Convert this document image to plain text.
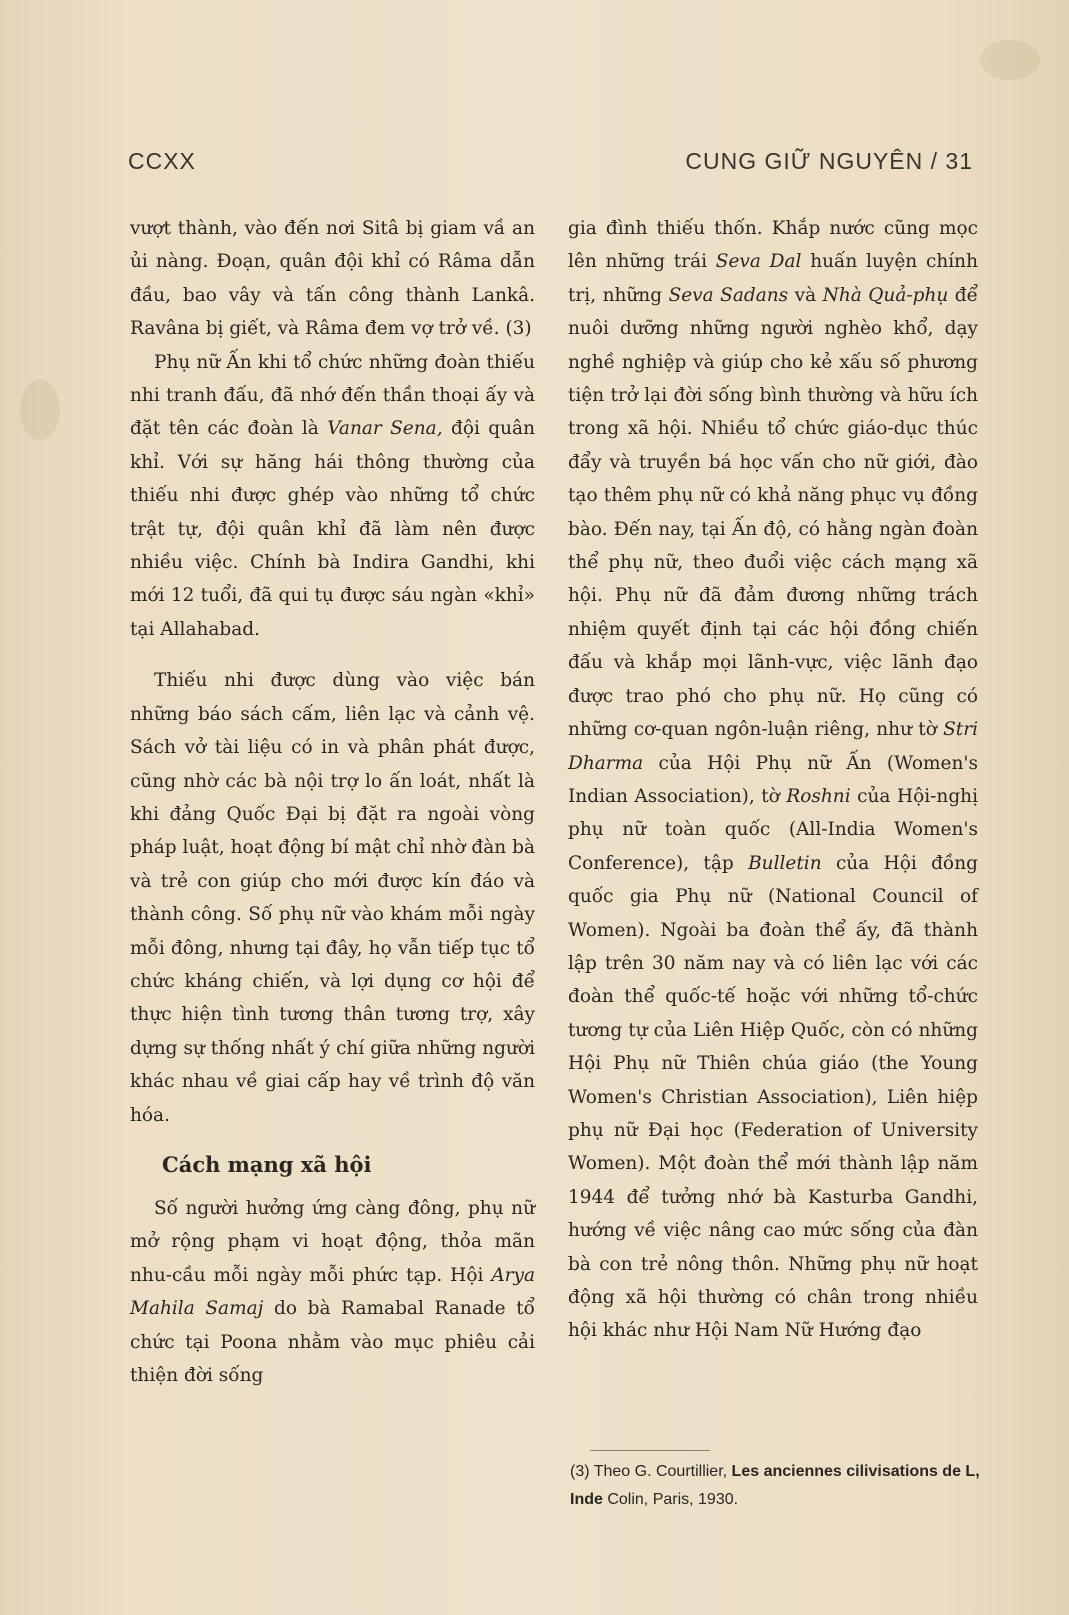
CCXX	CUNG GIỮ NGUYÊN / 31

vượt thành, vào đến nơi Sitâ bị giam vầ an ủi nàng. Đoạn, quân đội khỉ có Râma dẫn đầu, bao vây và tấn công thành Lankâ. Ravâna bị giết, và Râma đem vợ trở về. (3)

Phụ nữ Ấn khi tổ chức những đoàn thiếu nhi tranh đấu, đã nhớ đến thần thoại ấy và đặt tên các đoàn là Vanar Sena, đội quân khỉ. Với sự hăng hái thông thường của thiếu nhi được ghép vào những tổ chức trật tự, đội quân khỉ đã làm nên được nhiều việc. Chính bà Indira Gandhi, khi mới 12 tuổi, đã qui tụ được sáu ngàn «khỉ» tại Allahabad.

Thiếu nhi được dùng vào việc bán những báo sách cấm, liên lạc và cảnh vệ. Sách vở tài liệu có in và phân phát được, cũng nhờ các bà nội trợ lo ấn loát, nhất là khi đảng Quốc Đại bị đặt ra ngoài vòng pháp luật, hoạt động bí mật chỉ nhờ đàn bà và trẻ con giúp cho mới được kín đáo và thành công. Số phụ nữ vào khám mỗi ngày mỗi đông, nhưng tại đây, họ vẫn tiếp tục tổ chức kháng chiến, và lợi dụng cơ hội để thực hiện tình tương thân tương trợ, xây dựng sự thống nhất ý chí giữa những người khác nhau về giai cấp hay về trình độ văn hóa.

Cách mạng xã hội

Số người hưởng ứng càng đông, phụ nữ mở rộng phạm vi hoạt động, thỏa mãn nhu-cầu mỗi ngày mỗi phức tạp. Hội Arya Mahila Samaj do bà Ramabal Ranade tổ chức tại Poona nhằm vào mục phiêu cải thiện đời sống

gia đình thiếu thốn. Khắp nước cũng mọc lên những trái Seva Dal huấn luyện chính trị, những Seva Sadans và Nhà Quả-phụ để nuôi dưỡng những người nghèo khổ, dạy nghề nghiệp và giúp cho kẻ xấu số phương tiện trở lại đời sống bình thường và hữu ích trong xã hội. Nhiều tổ chức giáo-dục thúc đẩy và truyền bá học vấn cho nữ giới, đào tạo thêm phụ nữ có khả năng phục vụ đồng bào. Đến nay, tại Ấn độ, có hằng ngàn đoàn thể phụ nữ, theo đuổi việc cách mạng xã hội. Phụ nữ đã đảm đương những trách nhiệm quyết định tại các hội đồng chiến đấu và khắp mọi lãnh-vực, việc lãnh đạo được trao phó cho phụ nữ. Họ cũng có những cơ-quan ngôn-luận riêng, như tờ Stri Dharma của Hội Phụ nữ Ấn (Women's Indian Association), tờ Roshni của Hội-nghị phụ nữ toàn quốc (All-India Women's Conference), tập Bulletin của Hội đồng quốc gia Phụ nữ (National Council of Women). Ngoài ba đoàn thể ấy, đã thành lập trên 30 năm nay và có liên lạc với các đoàn thể quốc-tế hoặc với những tổ-chức tương tự của Liên Hiệp Quốc, còn có những Hội Phụ nữ Thiên chúa giáo (the Young Women's Christian Association), Liên hiệp phụ nữ Đại học (Federation of University Women). Một đoàn thể mới thành lập năm 1944 để tưởng nhớ bà Kasturba Gandhi, hướng về việc nâng cao mức sống của đàn bà con trẻ nông thôn. Những phụ nữ hoạt động xã hội thường có chân trong nhiều hội khác như Hội Nam Nữ Hướng đạo

(3) Theo G. Courtillier, Les anciennes cilivisations de L, Inde Colin, Paris, 1930.
